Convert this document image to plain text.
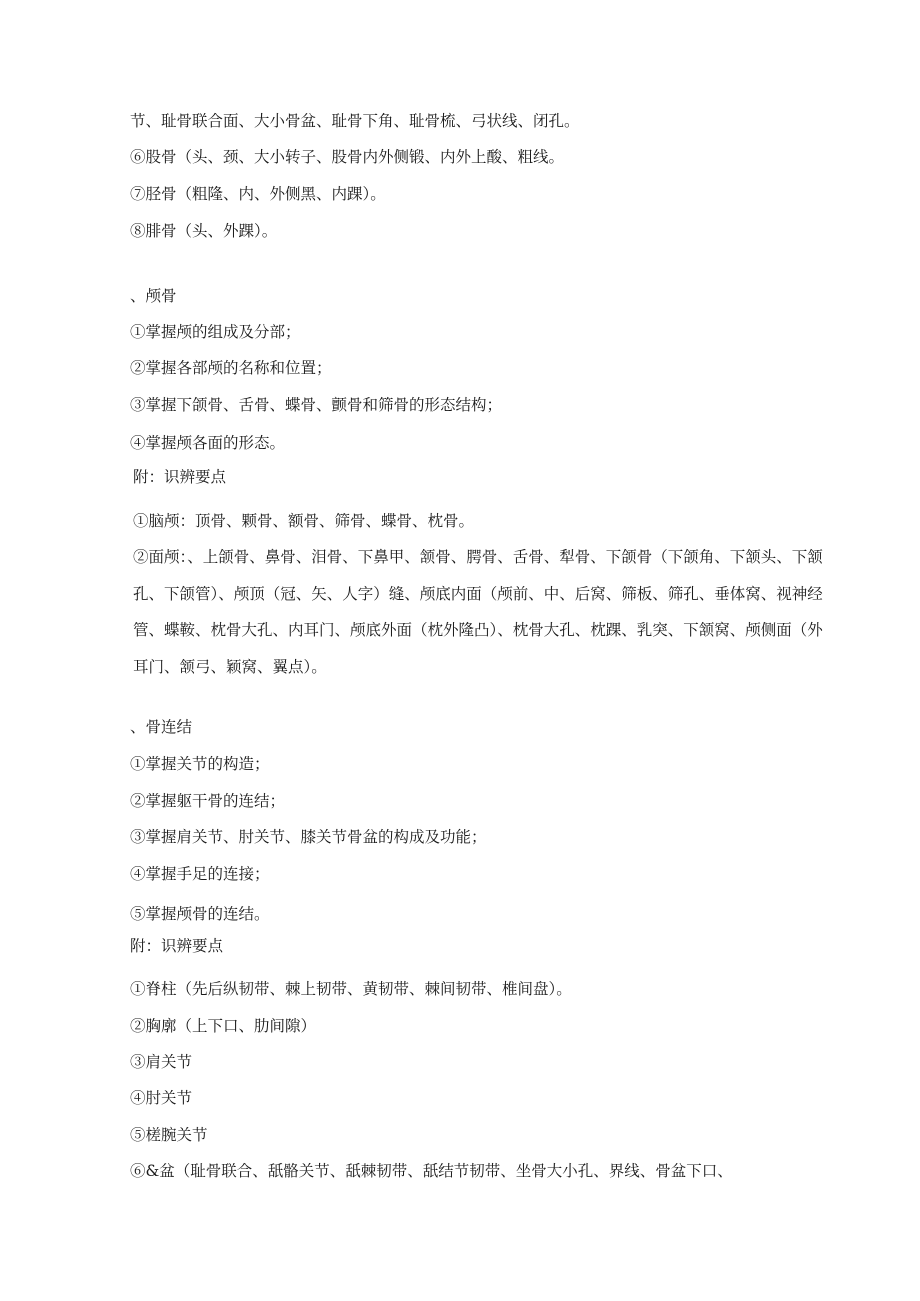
节、耻骨联合面、大小骨盆、耻骨下角、耻骨梳、弓状线、闭孔。
⑥股骨（头、颈、大小转子、股骨内外侧锻、内外上酸、粗线。
⑦胫骨（粗隆、内、外侧黑、内踝）。
⑧腓骨（头、外踝）。
、颅骨
①掌握颅的组成及分部；
②掌握各部颅的名称和位置；
③掌握下颌骨、舌骨、蝶骨、颤骨和筛骨的形态结构；
④掌握颅各面的形态。
附：识辨要点
①脑颅：顶骨、颗骨、额骨、筛骨、蝶骨、枕骨。
②面颅：、上颌骨、鼻骨、泪骨、下鼻甲、颔骨、腭骨、舌骨、犁骨、下颌骨（下颌角、下颔头、下颔孔、下颌管）、颅顶（冠、矢、人字）缝、颅底内面（颅前、中、后窝、筛板、筛孔、垂体窝、视神经管、蝶鞍、枕骨大孔、内耳门、颅底外面（枕外隆凸）、枕骨大孔、枕踝、乳突、下颔窝、颅侧面（外耳门、颔弓、颖窝、翼点）。
、骨连结
①掌握关节的构造；
②掌握躯干骨的连结；
③掌握肩关节、肘关节、膝关节骨盆的构成及功能；
④掌握手足的连接；
⑤掌握颅骨的连结。
附：识辨要点
①脊柱（先后纵韧带、棘上韧带、黄韧带、棘间韧带、椎间盘）。
②胸廓（上下口、肋间隙）
③肩关节
④肘关节
⑤槎腕关节
⑥&盆（耻骨联合、舐骼关节、舐棘韧带、舐结节韧带、坐骨大小孔、界线、骨盆下口、
